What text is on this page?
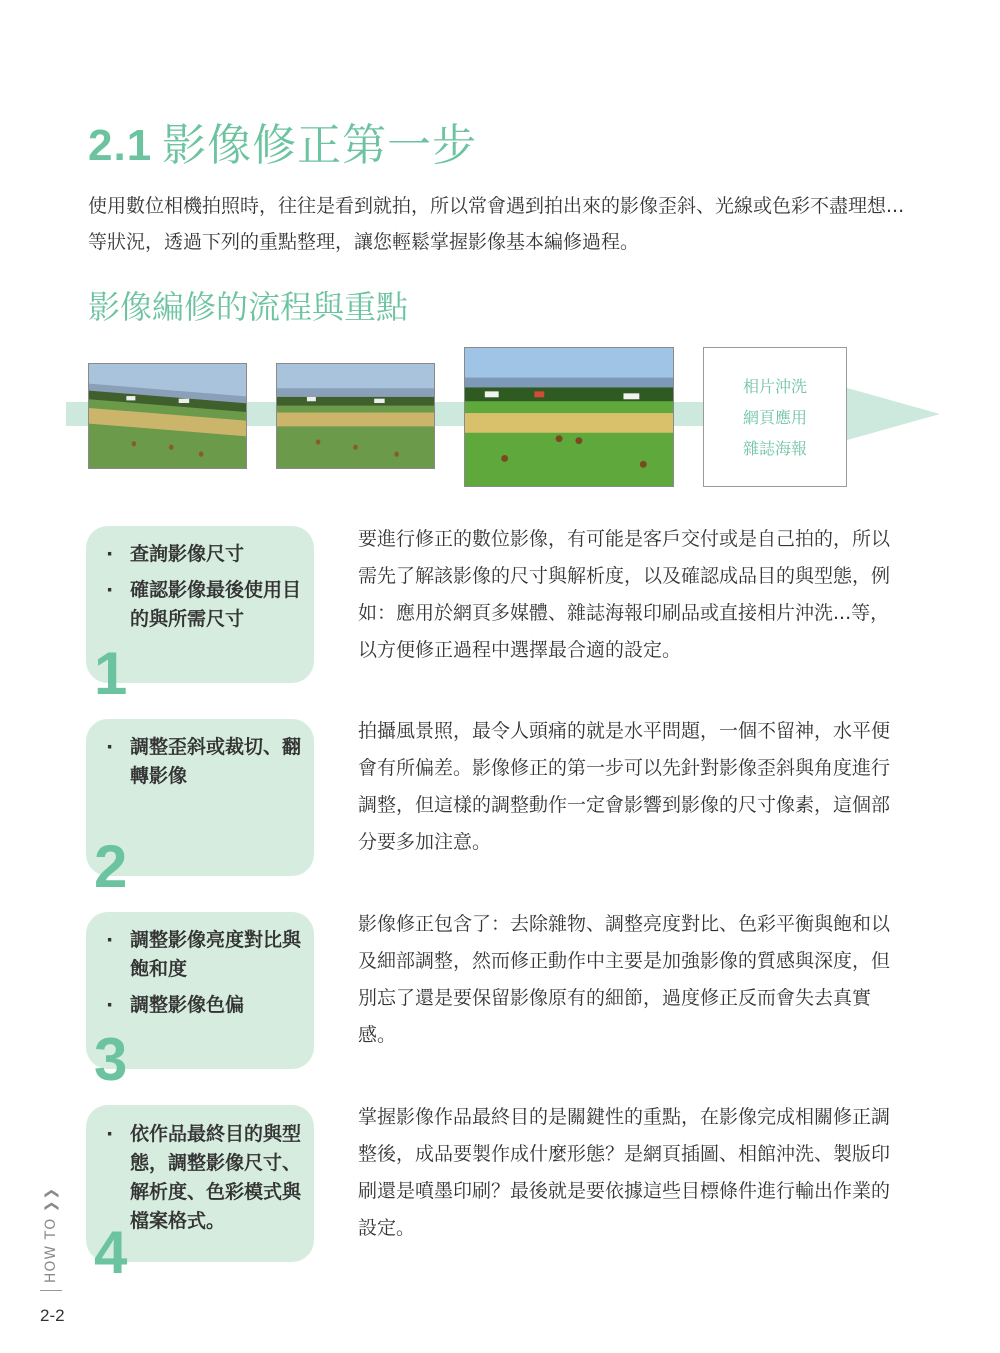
2.1 影像修正第一步

使用數位相機拍照時，往往是看到就拍，所以常會遇到拍出來的影像歪斜、光線或色彩不盡理想...等狀況，透過下列的重點整理，讓您輕鬆掌握影像基本編修過程。

影像編修的流程與重點
相片沖洗
網頁應用
雜誌海報
· 查詢影像尺寸
· 確認影像最後使用目的與所需尺寸
1

要進行修正的數位影像，有可能是客戶交付或是自己拍的，所以需先了解該影像的尺寸與解析度，以及確認成品目的與型態，例如：應用於網頁多媒體、雜誌海報印刷品或直接相片沖洗...等，以方便修正過程中選擇最合適的設定。

· 調整歪斜或裁切、翻轉影像
2

拍攝風景照，最令人頭痛的就是水平問題，一個不留神，水平便會有所偏差。影像修正的第一步可以先針對影像歪斜與角度進行調整，但這樣的調整動作一定會影響到影像的尺寸像素，這個部分要多加注意。

· 調整影像亮度對比與飽和度
· 調整影像色偏
3

影像修正包含了：去除雜物、調整亮度對比、色彩平衡與飽和以及細部調整，然而修正動作中主要是加強影像的質感與深度，但別忘了還是要保留影像原有的細節，過度修正反而會失去真實感。

· 依作品最終目的與型態，調整影像尺寸、解析度、色彩模式與檔案格式。
4

掌握影像作品最終目的是關鍵性的重點，在影像完成相關修正調整後，成品要製作成什麼形態？是網頁插圖、相館沖洗、製版印刷還是噴墨印刷？最後就是要依據這些目標條件進行輸出作業的設定。

HOW TO ❯❯
2-2
